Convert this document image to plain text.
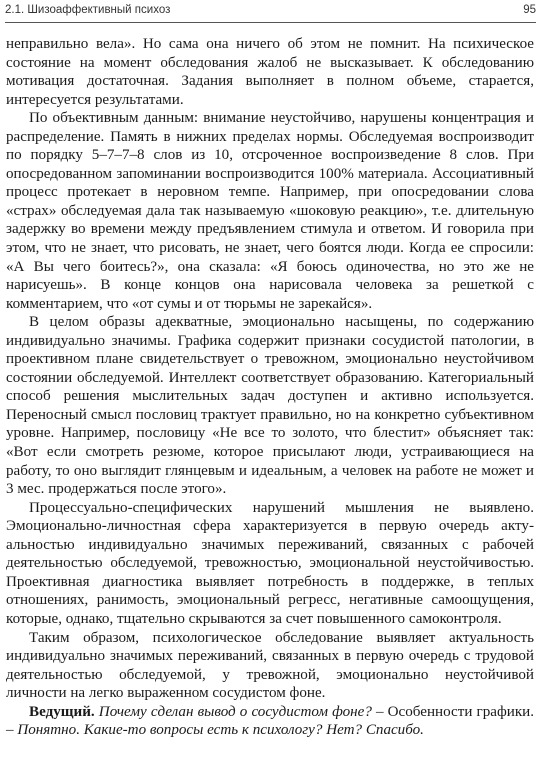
2.1. Шизоаффективный психоз	95

неправильно вела». Но сама она ничего об этом не помнит. На психическое состояние на момент обследования жалоб не высказывает. К обследованию мотивация достаточная. Задания выполняет в полном объеме, старается, интересуется результатами.

По объективным данным: внимание неустойчиво, нарушены концентрация и распределение. Память в нижних пределах нормы. Обследуемая воспроизводит по порядку 5–7–7–8 слов из 10, отсроченное воспроизведение 8 слов. При опосредованном запоминании воспроизводится 100% материала. Ассоциативный процесс протекает в неровном темпе. Например, при опосредовании слова «страх» обследуемая дала так называемую «шоковую реакцию», т.е. длительную задержку во времени между предъявлением стимула и ответом. И говорила при этом, что не знает, что рисовать, не знает, чего боятся люди. Когда ее спросили: «А Вы чего боитесь?», она сказала: «Я боюсь одиночества, но это же не нарисуешь». В конце концов она нарисовала человека за решеткой с комментарием, что «от сумы и от тюрьмы не зарекайся».

В целом образы адекватные, эмоционально насыщены, по содержанию индивидуально значимы. Графика содержит признаки сосудистой патологии, в проективном плане свидетельствует о тревожном, эмоционально неустойчивом состоянии обследуемой. Интеллект соответствует образованию. Категориальный способ решения мыслительных задач доступен и активно используется. Переносный смысл пословиц трактует правильно, но на конкретно субъективном уровне. Например, пословицу «Не все то золото, что блестит» объясняет так: «Вот если смотреть резюме, которое присылают люди, устраивающиеся на работу, то оно выглядит глянцевым и идеальным, а человек на работе не может и 3 мес. продержаться после этого».

Процессуально-специфических нарушений мышления не выявлено. Эмоционально-личностная сфера характеризуется в первую очередь актуальностью индивидуально значимых переживаний, связанных с рабочей деятельностью обследуемой, тревожностью, эмоциональной неустойчивостью. Проективная диагностика выявляет потребность в поддержке, в теплых отношениях, ранимость, эмоциональный регресс, негативные самоощущения, которые, однако, тщательно скрываются за счет повышенного самоконтроля.

Таким образом, психологическое обследование выявляет актуальность индивидуально значимых переживаний, связанных в первую очередь с трудовой деятельностью обследуемой, у тревожной, эмоционально неустойчивой личности на легко выраженном сосудистом фоне.

Ведущий. Почему сделан вывод о сосудистом фоне? – Особенности графики. – Понятно. Какие-то вопросы есть к психологу? Нет? Спасибо.
